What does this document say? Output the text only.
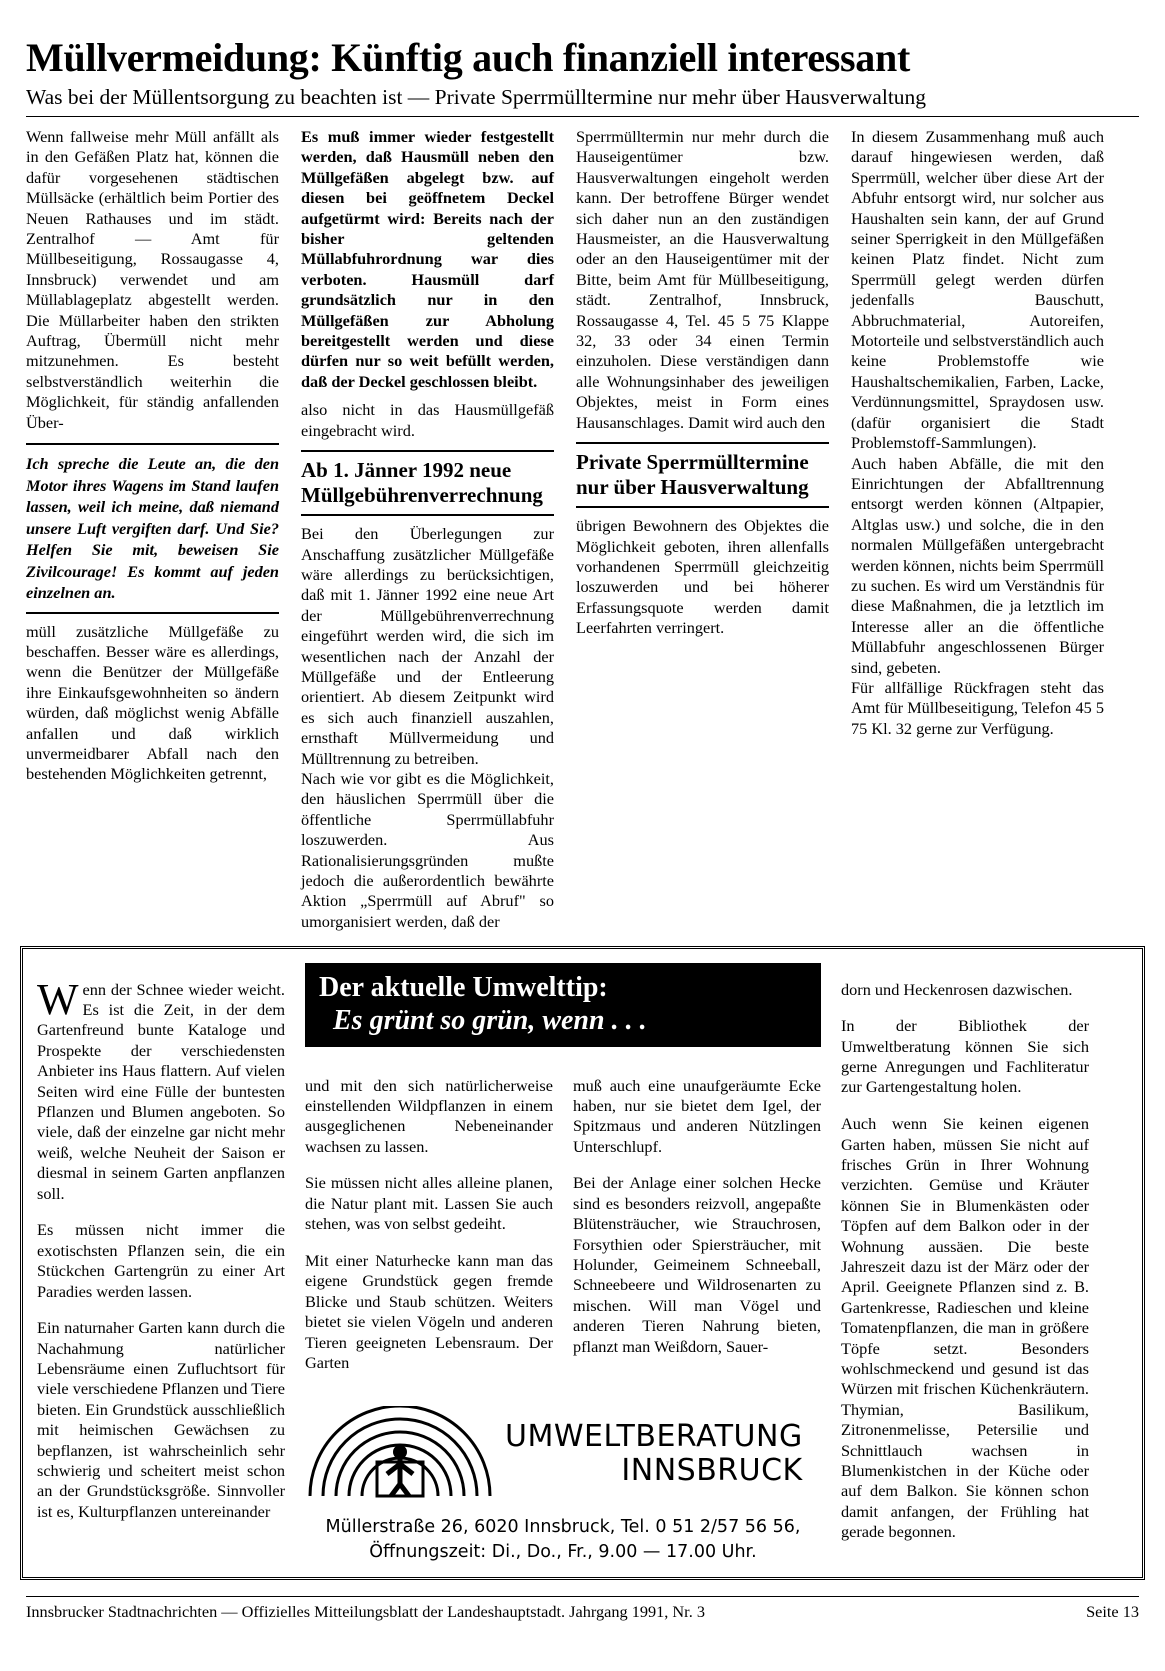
Müllvermeidung: Künftig auch finanziell interessant
Was bei der Müllentsorgung zu beachten ist — Private Sperrmülltermine nur mehr über Hausverwaltung

Wenn fallweise mehr Müll anfällt als in den Gefäßen Platz hat, können die dafür vorgesehenen städtischen Müllsäcke (erhältlich beim Portier des Neuen Rathauses und im städt. Zentralhof — Amt für Müllbeseitigung, Rossaugasse 4, Innsbruck) verwendet und am Müllablageplatz abgestellt werden. Die Müllarbeiter haben den strikten Auftrag, Übermüll nicht mehr mitzunehmen. Es besteht selbstverständlich weiterhin die Möglichkeit, für ständig anfallenden Über-

Ich spreche die Leute an, die den Motor ihres Wagens im Stand laufen lassen, weil ich meine, daß niemand unsere Luft vergiften darf. Und Sie? Helfen Sie mit, beweisen Sie Zivilcourage! Es kommt auf jeden einzelnen an.

müll zusätzliche Müllgefäße zu beschaffen. Besser wäre es allerdings, wenn die Benützer der Müllgefäße ihre Einkaufsgewohnheiten so ändern würden, daß möglichst wenig Abfälle anfallen und daß wirklich unvermeidbarer Abfall nach den bestehenden Möglichkeiten getrennt,

Es muß immer wieder festgestellt werden, daß Hausmüll neben den Müllgefäßen abgelegt bzw. auf diesen bei geöffnetem Deckel aufgetürmt wird: Bereits nach der bisher geltenden Müllabfuhrordnung war dies verboten. Hausmüll darf grundsätzlich nur in den Müllgefäßen zur Abholung bereitgestellt werden und diese dürfen nur so weit befüllt werden, daß der Deckel geschlossen bleibt.

also nicht in das Hausmüllgefäß eingebracht wird.

Ab 1. Jänner 1992 neue Müllgebührenverrechnung

Bei den Überlegungen zur Anschaffung zusätzlicher Müllgefäße wäre allerdings zu berücksichtigen, daß mit 1. Jänner 1992 eine neue Art der Müllgebührenverrechnung eingeführt werden wird, die sich im wesentlichen nach der Anzahl der Müllgefäße und der Entleerung orientiert. Ab diesem Zeitpunkt wird es sich auch finanziell auszahlen, ernsthaft Müllvermeidung und Mülltrennung zu betreiben.

Nach wie vor gibt es die Möglichkeit, den häuslichen Sperrmüll über die öffentliche Sperrmüllabfuhr loszuwerden. Aus Rationalisierungsgründen mußte jedoch die außerordentlich bewährte Aktion „Sperrmüll auf Abruf" so umorganisiert werden, daß der

Sperrmülltermin nur mehr durch die Hauseigentümer bzw. Hausverwaltungen eingeholt werden kann. Der betroffene Bürger wendet sich daher nun an den zuständigen Hausmeister, an die Hausverwaltung oder an den Hauseigentümer mit der Bitte, beim Amt für Müllbeseitigung, städt. Zentralhof, Innsbruck, Rossaugasse 4, Tel. 45 5 75 Klappe 32, 33 oder 34 einen Termin einzuholen. Diese verständigen dann alle Wohnungsinhaber des jeweiligen Objektes, meist in Form eines Hausanschlages. Damit wird auch den

Private Sperrmülltermine nur über Hausverwaltung

übrigen Bewohnern des Objektes die Möglichkeit geboten, ihren allenfalls vorhandenen Sperrmüll gleichzeitig loszuwerden und bei höherer Erfassungsquote werden damit Leerfahrten verringert.

In diesem Zusammenhang muß auch darauf hingewiesen werden, daß Sperrmüll, welcher über diese Art der Abfuhr entsorgt wird, nur solcher aus Haushalten sein kann, der auf Grund seiner Sperrigkeit in den Müllgefäßen keinen Platz findet. Nicht zum Sperrmüll gelegt werden dürfen jedenfalls Bauschutt, Abbruchmaterial, Autoreifen, Motorteile und selbstverständlich auch keine Problemstoffe wie Haushaltschemikalien, Farben, Lacke, Verdünnungsmittel, Spraydosen usw. (dafür organisiert die Stadt Problemstoff-Sammlungen).

Auch haben Abfälle, die mit den Einrichtungen der Abfalltrennung entsorgt werden können (Altpapier, Altglas usw.) und solche, die in den normalen Müllgefäßen untergebracht werden können, nichts beim Sperrmüll zu suchen. Es wird um Verständnis für diese Maßnahmen, die ja letztlich im Interesse aller an die öffentliche Müllabfuhr angeschlossenen Bürger sind, gebeten.

Für allfällige Rückfragen steht das Amt für Müllbeseitigung, Telefon 45 5 75 Kl. 32 gerne zur Verfügung.

Wenn der Schnee wieder weicht. Es ist die Zeit, in der dem Gartenfreund bunte Kataloge und Prospekte der verschiedensten Anbieter ins Haus flattern. Auf vielen Seiten wird eine Fülle der buntesten Pflanzen und Blumen angeboten. So viele, daß der einzelne gar nicht mehr weiß, welche Neuheit der Saison er diesmal in seinem Garten anpflanzen soll.

Es müssen nicht immer die exotischsten Pflanzen sein, die ein Stückchen Gartengrün zu einer Art Paradies werden lassen.

Ein naturnaher Garten kann durch die Nachahmung natürlicher Lebensräume einen Zufluchtsort für viele verschiedene Pflanzen und Tiere bieten. Ein Grundstück ausschließlich mit heimischen Gewächsen zu bepflanzen, ist wahrscheinlich sehr schwierig und scheitert meist schon an der Grundstücksgröße. Sinnvoller ist es, Kulturpflanzen untereinander

Der aktuelle Umwelttip:
Es grünt so grün, wenn . . .

und mit den sich natürlicherweise einstellenden Wildpflanzen in einem ausgeglichenen Nebeneinander wachsen zu lassen.

Sie müssen nicht alles alleine planen, die Natur plant mit. Lassen Sie auch stehen, was von selbst gedeiht.

Mit einer Naturhecke kann man das eigene Grundstück gegen fremde Blicke und Staub schützen. Weiters bietet sie vielen Vögeln und anderen Tieren geeigneten Lebensraum. Der Garten

muß auch eine unaufgeräumte Ecke haben, nur sie bietet dem Igel, der Spitzmaus und anderen Nützlingen Unterschlupf.

Bei der Anlage einer solchen Hecke sind es besonders reizvoll, angepaßte Blütensträucher, wie Strauchrosen, Forsythien oder Spiersträucher, mit Holunder, Geimeinem Schneeball, Schneebeere und Wildrosenarten zu mischen. Will man Vögel und anderen Tieren Nahrung bieten, pflanzt man Weißdorn, Sauer-

UMWELTBERATUNG
INNSBRUCK
Müllerstraße 26, 6020 Innsbruck, Tel. 0 51 2/57 56 56,
Öffnungszeit: Di., Do., Fr., 9.00 — 17.00 Uhr.

dorn und Heckenrosen dazwischen.

In der Bibliothek der Umweltberatung können Sie sich gerne Anregungen und Fachliteratur zur Gartengestaltung holen.

Auch wenn Sie keinen eigenen Garten haben, müssen Sie nicht auf frisches Grün in Ihrer Wohnung verzichten. Gemüse und Kräuter können Sie in Blumenkästen oder Töpfen auf dem Balkon oder in der Wohnung aussäen. Die beste Jahreszeit dazu ist der März oder der April. Geeignete Pflanzen sind z. B. Gartenkresse, Radieschen und kleine Tomatenpflanzen, die man in größere Töpfe setzt. Besonders wohlschmeckend und gesund ist das Würzen mit frischen Küchenkräutern. Thymian, Basilikum, Zitronenmelisse, Petersilie und Schnittlauch wachsen in Blumenkistchen in der Küche oder auf dem Balkon. Sie können schon damit anfangen, der Frühling hat gerade begonnen.

Innsbrucker Stadtnachrichten — Offizielles Mitteilungsblatt der Landeshauptstadt. Jahrgang 1991, Nr. 3	Seite 13
